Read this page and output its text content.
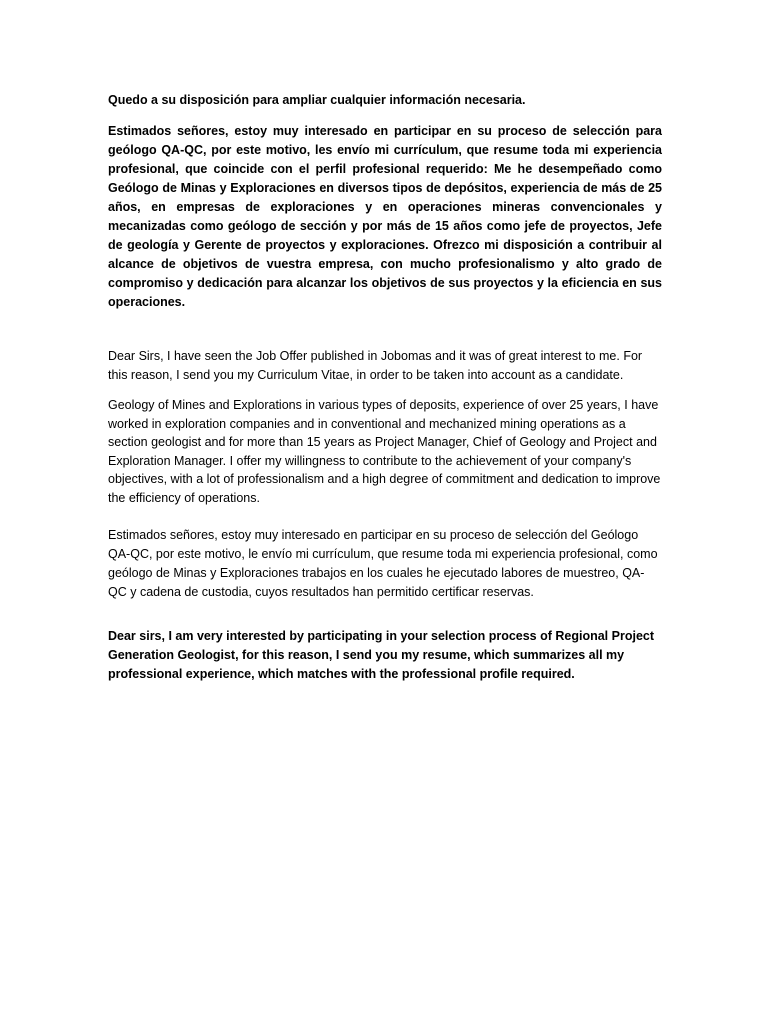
Quedo a su disposición para ampliar cualquier información necesaria.

Estimados señores, estoy muy interesado en participar en su proceso de selección para geólogo QA-QC, por este motivo, les envío mi currículum, que resume toda mi experiencia profesional, que coincide con el perfil profesional requerido: Me he desempeñado como Geólogo de Minas y Exploraciones en diversos tipos de depósitos, experiencia de más de 25 años, en empresas de exploraciones y en operaciones mineras convencionales y mecanizadas como geólogo de sección y por más de 15 años como jefe de proyectos, Jefe de geología y Gerente de proyectos y exploraciones. Ofrezco mi disposición a contribuir al alcance de objetivos de vuestra empresa, con mucho profesionalismo y alto grado de compromiso y dedicación para alcanzar los objetivos de sus proyectos y la eficiencia en sus operaciones.

Dear Sirs, I have seen the Job Offer published in Jobomas and it was of great interest to me. For this reason, I send you my Curriculum Vitae, in order to be taken into account as a candidate.

Geology of Mines and Explorations in various types of deposits, experience of over 25 years, I have worked in exploration companies and in conventional and mechanized mining operations as a section geologist and for more than 15 years as Project Manager, Chief of Geology and Project and Exploration Manager. I offer my willingness to contribute to the achievement of your company's objectives, with a lot of professionalism and a high degree of commitment and dedication to improve the efficiency of operations.

Estimados señores, estoy muy interesado en participar en su proceso de selección del Geólogo QA-QC, por este motivo, le envío mi currículum, que resume toda mi experiencia profesional, como geólogo de Minas y Exploraciones trabajos en los cuales he ejecutado labores de muestreo, QA-QC y cadena de custodia, cuyos resultados han permitido certificar reservas.

Dear sirs, I am very interested by participating in your selection process of Regional Project Generation Geologist, for this reason, I send you my resume, which summarizes all my professional experience, which matches with the professional profile required.
